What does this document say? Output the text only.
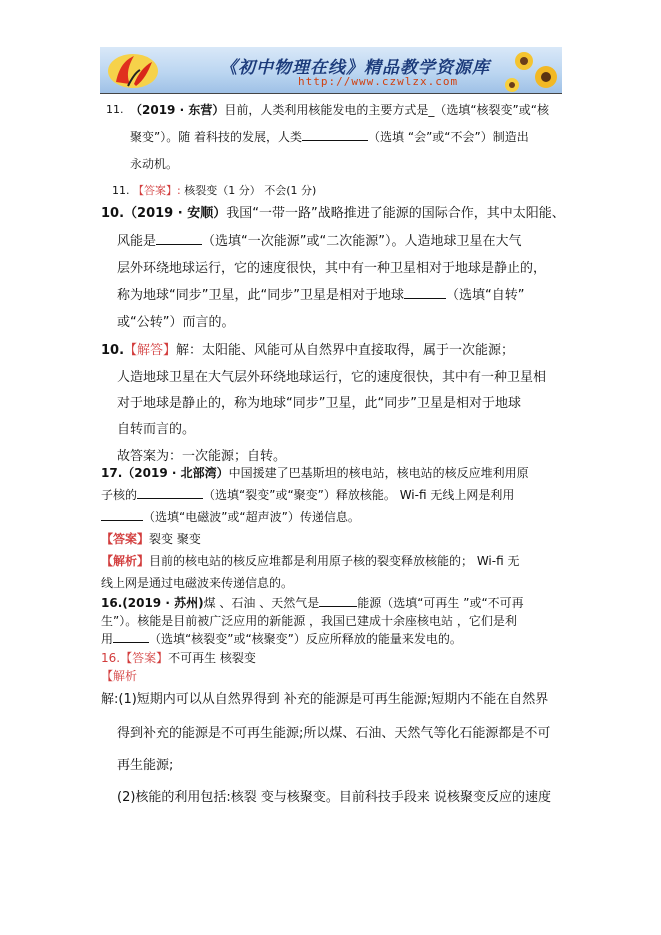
《初中物理在线》精品教学资源库
http://www.czwlzx.com
11. （2019 · 东营）目前，人类利用核能发电的主要方式是_（选填“核裂变”或“核
聚变”）。随 着科技的发展，人类	（选填 “会”或“不会”）制造出
永动机。
11. 【答案】: 核裂变（1 分） 不会(1 分)
10.（2019 · 安顺）我国“一带一路”战略推进了能源的国际合作，其中太阳能、
风能是	（选填“一次能源”或“二次能源”）。人造地球卫星在大气
层外环绕地球运行，它的速度很快，其中有一种卫星相对于地球是静止的，
称为地球“同步”卫星，此“同步”卫星是相对于地球	（选填“自转”
或“公转”）而言的。
10.【解答】解：太阳能、风能可从自然界中直接取得，属于一次能源；
人造地球卫星在大气层外环绕地球运行，它的速度很快，其中有一种卫星相
对于地球是静止的，称为地球“同步”卫星，此“同步”卫星是相对于地球
自转而言的。
故答案为：一次能源；自转。
17.（2019 · 北部湾）中国援建了巴基斯坦的核电站，核电站的核反应堆利用原
子核的	（选填“裂变”或“聚变”）释放核能。 Wi-fi 无线上网是利用
（选填“电磁波”或“超声波”）传递信息。
【答案】裂变 聚变
【解析】目前的核电站的核反应堆都是利用原子核的裂变释放核能的； Wi-fi 无
线上网是通过电磁波来传递信息的。
16.(2019 · 苏州)煤 、石油 、天然气是	能源（选填“可再生 ”或“不可再
生”）。核能是目前被广泛应用的新能源 ，我国已建成十余座核电站 ，它们是利
用	（选填“核裂变”或“核聚变”）反应所释放的能量来发电的。
16.【答案】不可再生 核裂变
【解析
解:(1)短期内可以从自然界得到 补充的能源是可再生能源;短期内不能在自然界
得到补充的能源是不可再生能源;所以煤、石油、天然气等化石能源都是不可
再生能源;
(2)核能的利用包括:核裂 变与核聚变。目前科技手段来 说核聚变反应的速度
